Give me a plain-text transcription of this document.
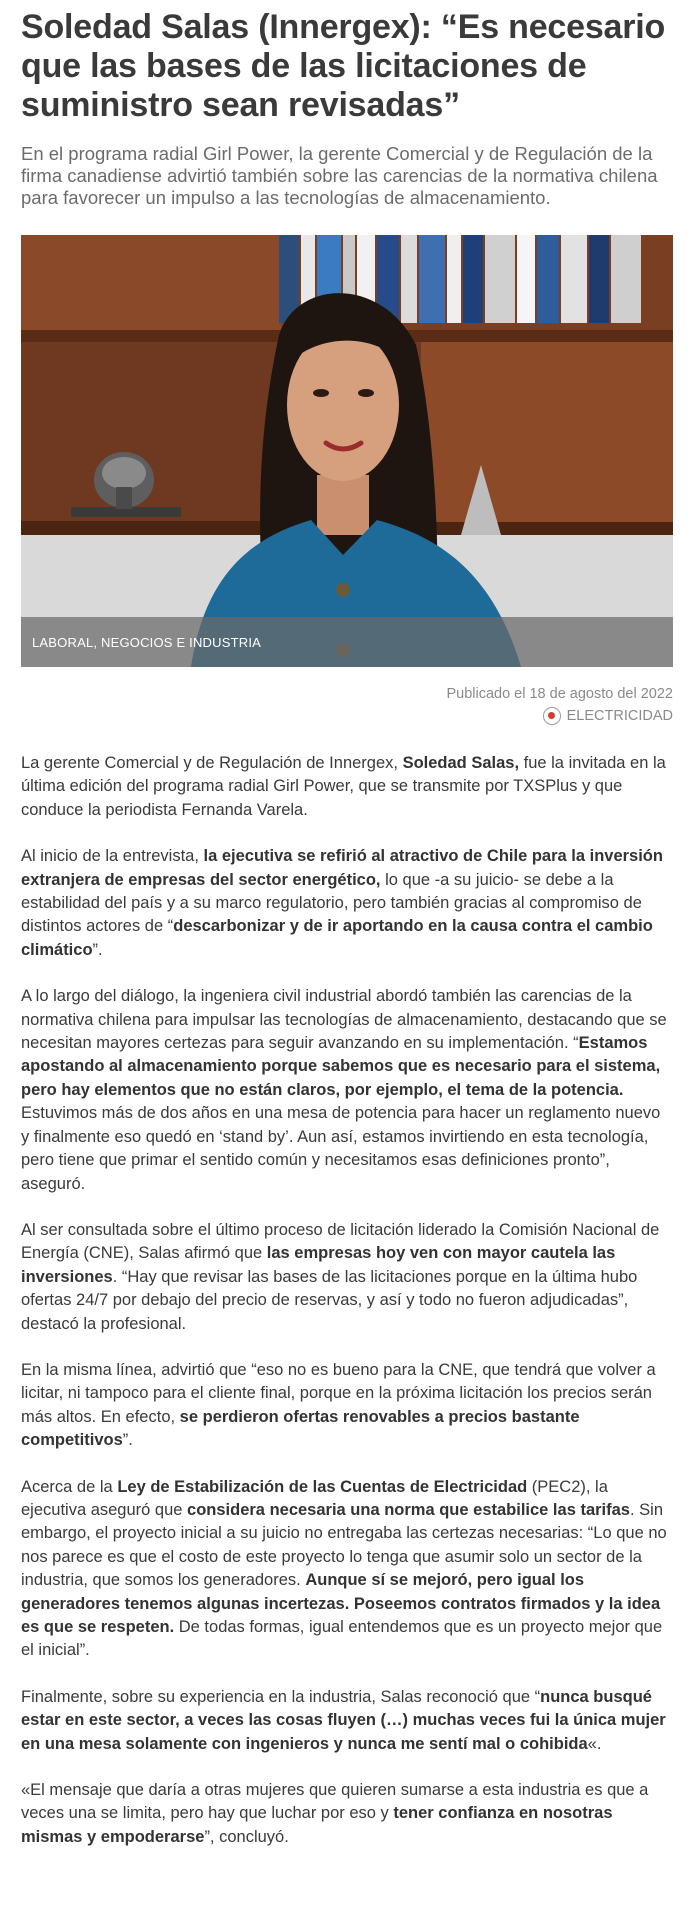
Soledad Salas (Innergex): “Es necesario que las bases de las licitaciones de suministro sean revisadas”

En el programa radial Girl Power, la gerente Comercial y de Regulación de la firma canadiense advirtió también sobre las carencias de la normativa chilena para favorecer un impulso a las tecnologías de almacenamiento.

LABORAL , NEGOCIOS E INDUSTRIA
Publicado el 18 de agosto del 2022
ELECTRICIDAD

La gerente Comercial y de Regulación de Innergex, Soledad Salas, fue la invitada en la última edición del programa radial Girl Power, que se transmite por TXSPlus y que conduce la periodista Fernanda Varela.

Al inicio de la entrevista, la ejecutiva se refirió al atractivo de Chile para la inversión extranjera de empresas del sector energético, lo que -a su juicio- se debe a la estabilidad del país y a su marco regulatorio, pero también gracias al compromiso de distintos actores de “descarbonizar y de ir aportando en la causa contra el cambio climático”.

A lo largo del diálogo, la ingeniera civil industrial abordó también las carencias de la normativa chilena para impulsar las tecnologías de almacenamiento, destacando que se necesitan mayores certezas para seguir avanzando en su implementación. “Estamos apostando al almacenamiento porque sabemos que es necesario para el sistema, pero hay elementos que no están claros, por ejemplo, el tema de la potencia. Estuvimos más de dos años en una mesa de potencia para hacer un reglamento nuevo y finalmente eso quedó en ‘stand by’. Aun así, estamos invirtiendo en esta tecnología, pero tiene que primar el sentido común y necesitamos esas definiciones pronto”, aseguró.

Al ser consultada sobre el último proceso de licitación liderado la Comisión Nacional de Energía (CNE), Salas afirmó que las empresas hoy ven con mayor cautela las inversiones. “Hay que revisar las bases de las licitaciones porque en la última hubo ofertas 24/7 por debajo del precio de reservas, y así y todo no fueron adjudicadas”, destacó la profesional.

En la misma línea, advirtió que “eso no es bueno para la CNE, que tendrá que volver a licitar, ni tampoco para el cliente final, porque en la próxima licitación los precios serán más altos. En efecto, se perdieron ofertas renovables a precios bastante competitivos”.

Acerca de la Ley de Estabilización de las Cuentas de Electricidad (PEC2), la ejecutiva aseguró que considera necesaria una norma que estabilice las tarifas. Sin embargo, el proyecto inicial a su juicio no entregaba las certezas necesarias: “Lo que no nos parece es que el costo de este proyecto lo tenga que asumir solo un sector de la industria, que somos los generadores. Aunque sí se mejoró, pero igual los generadores tenemos algunas incertezas. Poseemos contratos firmados y la idea es que se respeten. De todas formas, igual entendemos que es un proyecto mejor que el inicial”.

Finalmente, sobre su experiencia en la industria, Salas reconoció que “nunca busqué estar en este sector, a veces las cosas fluyen (…) muchas veces fui la única mujer en una mesa solamente con ingenieros y nunca me sentí mal o cohibida«.

«El mensaje que daría a otras mujeres que quieren sumarse a esta industria es que a veces una se limita, pero hay que luchar por eso y tener confianza en nosotras mismas y empoderarse”, concluyó.
